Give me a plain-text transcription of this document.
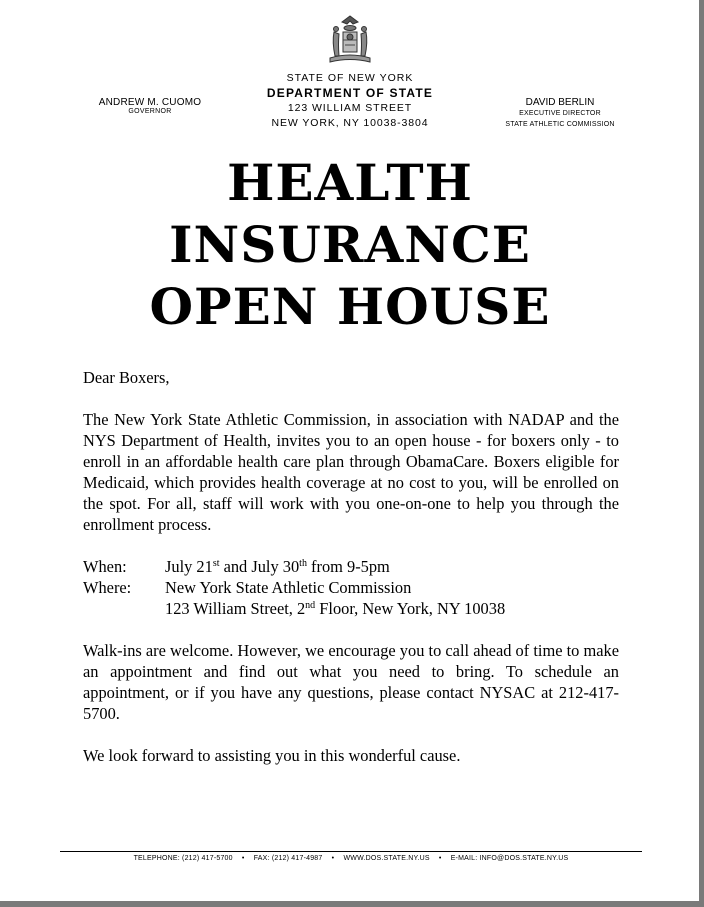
ANDREW M. CUOMO
GOVERNOR
STATE OF NEW YORK
DEPARTMENT OF STATE
123 WILLIAM STREET
NEW YORK, NY 10038-3804
DAVID BERLIN
EXECUTIVE DIRECTOR
STATE ATHLETIC COMMISSION
HEALTH
INSURANCE
OPEN HOUSE

Dear Boxers,

The New York State Athletic Commission, in association with NADAP and the NYS Department of Health, invites you to an open house - for boxers only - to enroll in an affordable health care plan through ObamaCare. Boxers eligible for Medicaid, which provides health coverage at no cost to you, will be enrolled on the spot. For all, staff will work with you one-on-one to help you through the enrollment process.

When:	July 21st and July 30th from 9-5pm
Where:	New York State Athletic Commission
123 William Street, 2nd Floor, New York, NY 10038

Walk-ins are welcome. However, we encourage you to call ahead of time to make an appointment and find out what you need to bring. To schedule an appointment, or if you have any questions, please contact NYSAC at 212-417-5700.

We look forward to assisting you in this wonderful cause.

TELEPHONE: (212) 417-5700 • FAX: (212) 417-4987 • WWW.DOS.STATE.NY.US • E-MAIL: INFO@DOS.STATE.NY.US
